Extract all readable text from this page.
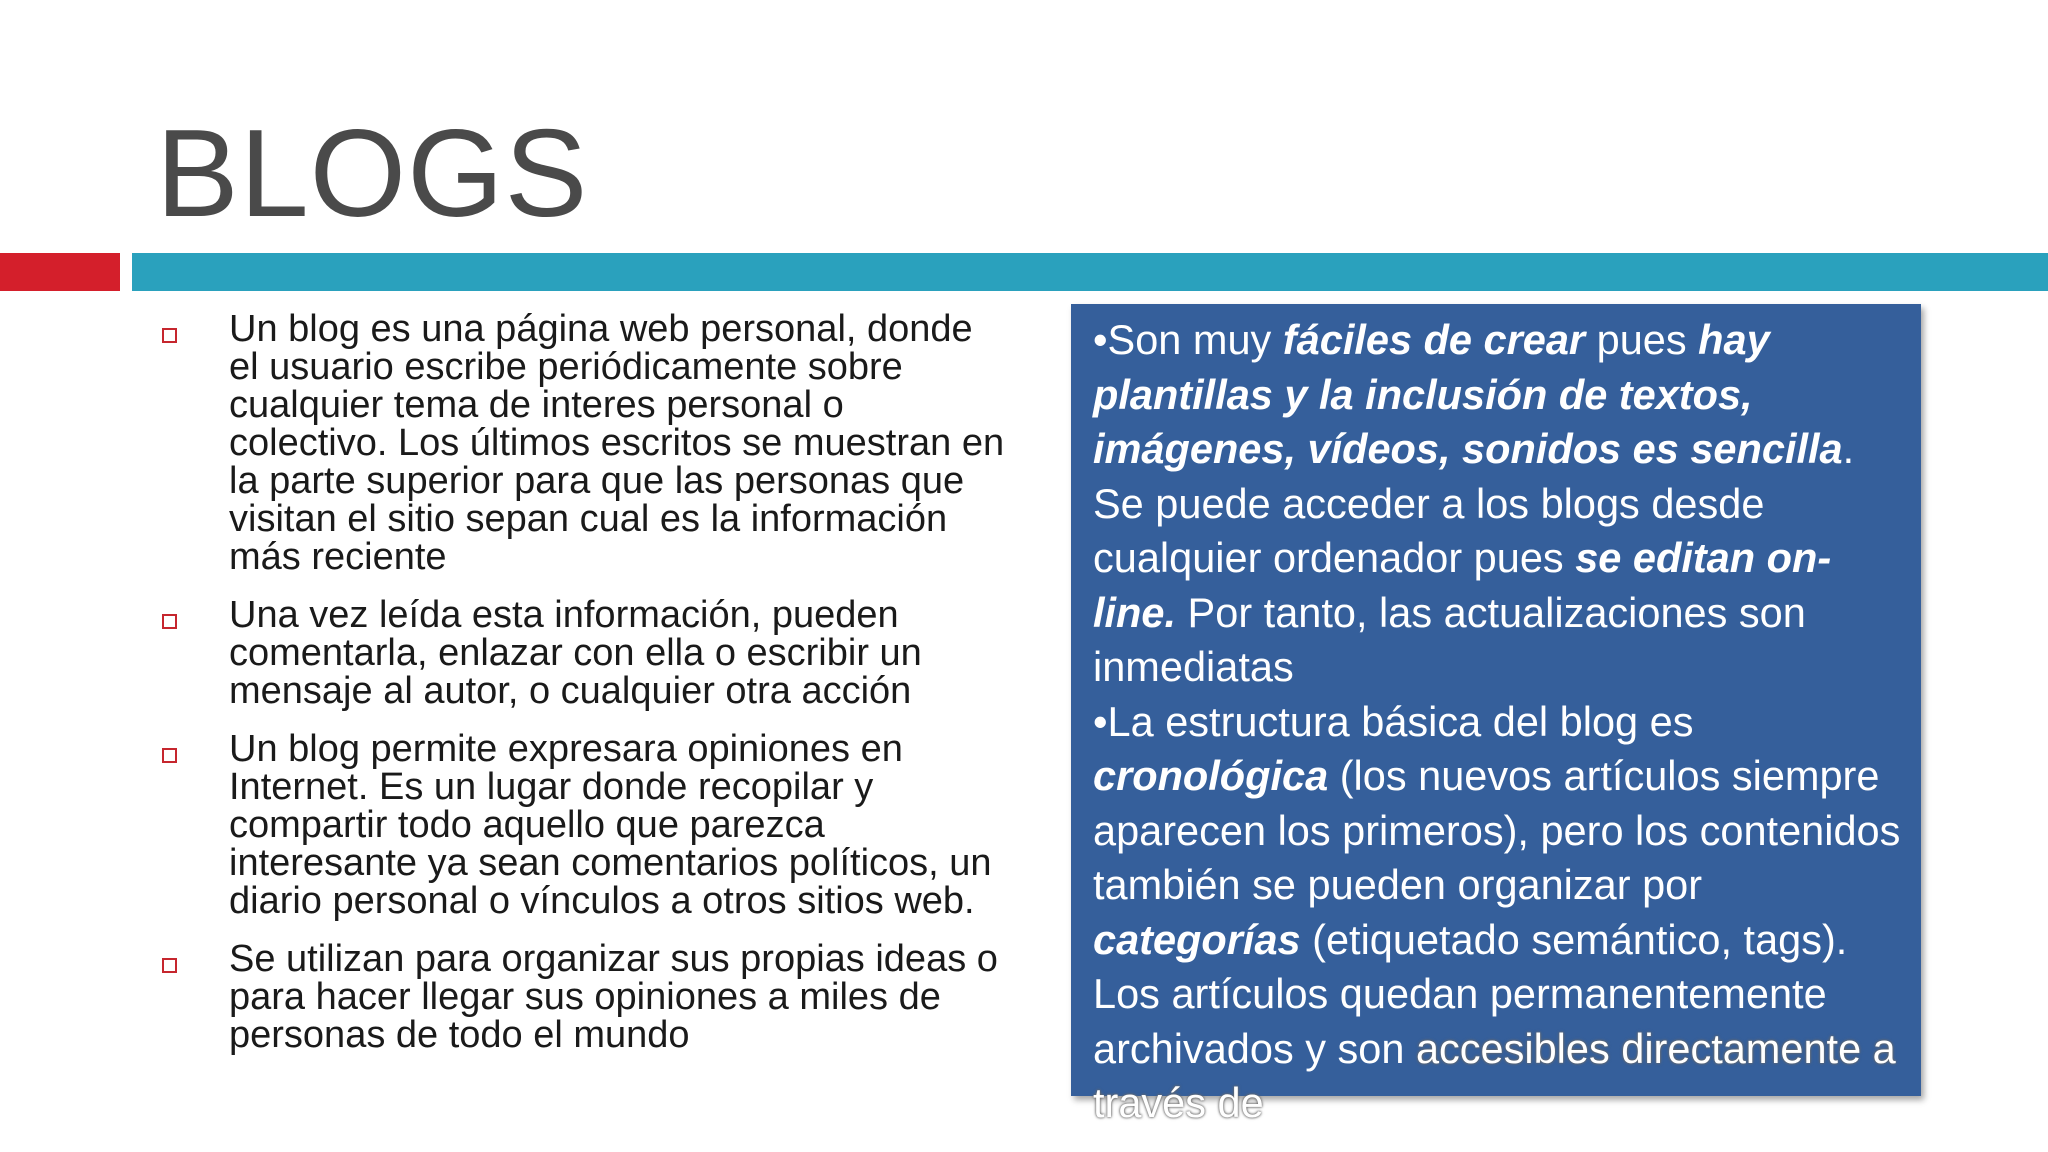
BLOGS
Un blog es una página web personal, donde el usuario escribe periódicamente sobre cualquier tema de interes personal o colectivo. Los últimos escritos se muestran en la parte superior para que las personas que visitan el sitio sepan cual es la información más reciente
Una vez leída esta información, pueden comentarla, enlazar con ella o escribir un mensaje al autor, o cualquier otra acción
Un blog permite expresara opiniones en Internet. Es un lugar donde recopilar y compartir todo aquello que parezca interesante ya sean comentarios políticos, un diario personal o vínculos a otros sitios web.
Se utilizan para organizar sus propias ideas o para hacer llegar sus opiniones a miles de personas de todo el mundo

•Son muy fáciles de crear pues hay plantillas y la inclusión de textos, imágenes, vídeos, sonidos es sencilla. Se puede acceder a los blogs desde cualquier ordenador pues se editan on-line. Por tanto, las actualizaciones son inmediatas

•La estructura básica del blog es cronológica (los nuevos artículos siempre aparecen los primeros), pero los contenidos también se pueden organizar por categorías (etiquetado semántico, tags). Los artículos quedan permanentemente archivados y son accesibles directamente a través de
